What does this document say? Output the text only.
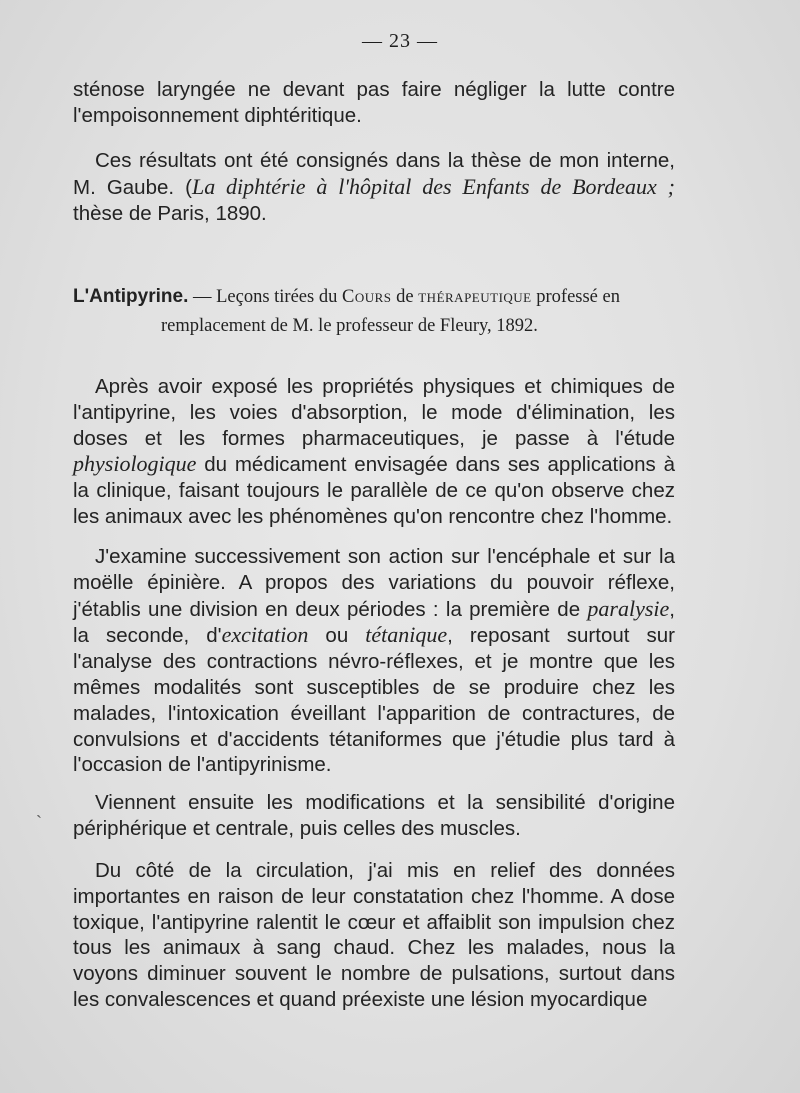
— 23 —

sténose laryngée ne devant pas faire négliger la lutte contre l'empoisonnement diphtéritique.

Ces résultats ont été consignés dans la thèse de mon interne, M. Gaube. (La diphtérie à l'hôpital des Enfants de Bordeaux ; thèse de Paris, 1890.

L'Antipyrine. — Leçons tirées du Cours de thérapeutique professé en
remplacement de M. le professeur de Fleury, 1892.

Après avoir exposé les propriétés physiques et chimiques de l'antipyrine, les voies d'absorption, le mode d'élimination, les doses et les formes pharmaceutiques, je passe à l'étude physiologique du médicament envisagée dans ses applications à la clinique, faisant toujours le parallèle de ce qu'on observe chez les animaux avec les phénomènes qu'on rencontre chez l'homme.

J'examine successivement son action sur l'encéphale et sur la moëlle épinière. A propos des variations du pouvoir réflexe, j'établis une division en deux périodes : la première de paralysie, la seconde, d'excitation ou tétanique, reposant surtout sur l'analyse des contractions névro-réflexes, et je montre que les mêmes modalités sont susceptibles de se produire chez les malades, l'intoxication éveillant l'apparition de contractures, de convulsions et d'accidents tétaniformes que j'étudie plus tard à l'occasion de l'antipyrinisme.

Viennent ensuite les modifications et la sensibilité d'origine périphérique et centrale, puis celles des muscles.

Du côté de la circulation, j'ai mis en relief des données importantes en raison de leur constatation chez l'homme. A dose toxique, l'antipyrine ralentit le cœur et affaiblit son impulsion chez tous les animaux à sang chaud. Chez les malades, nous la voyons diminuer souvent le nombre de pulsations, surtout dans les convalescences et quand préexiste une lésion myocardique

`
